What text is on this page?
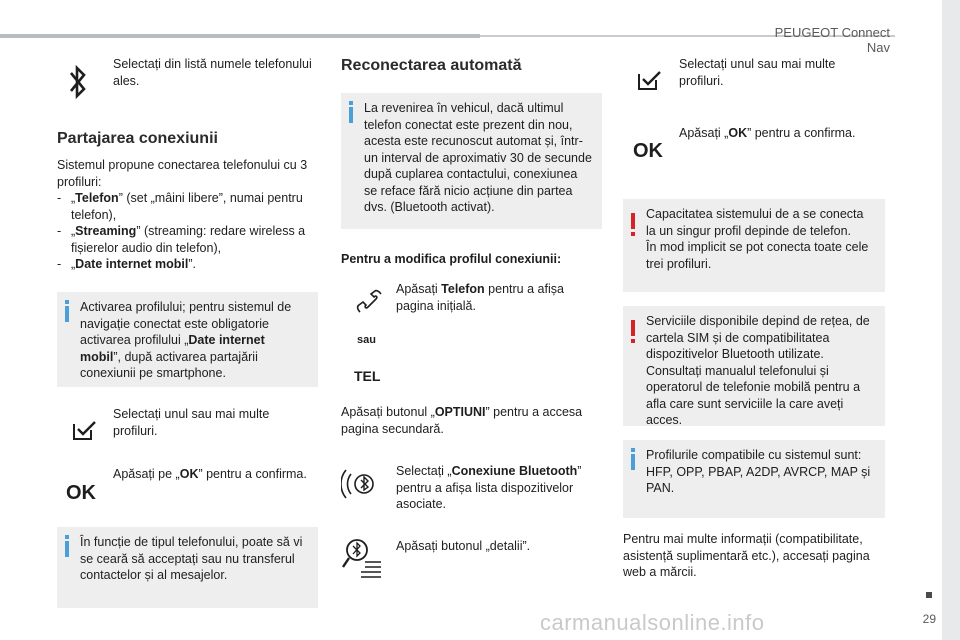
PEUGEOT Connect Nav
29
Selectați din listă numele telefonului ales.
Partajarea conexiunii
Sistemul propune conectarea telefonului cu 3 profiluri:
- „Telefon” (set „mâini libere”, numai pentru telefon),
- „Streaming” (streaming: redare wireless a fișierelor audio din telefon),
- „Date internet mobil”.
Activarea profilului; pentru sistemul de navigație conectat este obligatorie activarea profilului „Date internet mobil”, după activarea partajării conexiunii pe smartphone.
Selectați unul sau mai multe profiluri.
OK
Apăsați pe „OK” pentru a confirma.
În funcție de tipul telefonului, poate să vi se ceară să acceptați sau nu transferul contactelor și al mesajelor.
Reconectarea automată
La revenirea în vehicul, dacă ultimul telefon conectat este prezent din nou, acesta este recunoscut automat și, într-un interval de aproximativ 30 de secunde după cuplarea contactului, conexiunea se reface fără nicio acțiune din partea dvs. (Bluetooth activat).
Pentru a modifica profilul conexiunii:
sau
TEL
Apăsați Telefon pentru a afișa pagina inițială.
Apăsați butonul „OPTIUNI” pentru a accesa pagina secundară.
Selectați „Conexiune Bluetooth” pentru a afișa lista dispozitivelor asociate.
Apăsați butonul „detalii”.
Selectați unul sau mai multe profiluri.
OK
Apăsați „OK” pentru a confirma.
Capacitatea sistemului de a se conecta la un singur profil depinde de telefon.
În mod implicit se pot conecta toate cele trei profiluri.
Serviciile disponibile depind de rețea, de cartela SIM și de compatibilitatea dispozitivelor Bluetooth utilizate. Consultați manualul telefonului și operatorul de telefonie mobilă pentru a afla care sunt serviciile la care aveți acces.
Profilurile compatibile cu sistemul sunt: HFP, OPP, PBAP, A2DP, AVRCP, MAP și PAN.
Pentru mai multe informații (compatibilitate, asistență suplimentară etc.), accesați pagina web a mărcii.
carmanualsonline.info
